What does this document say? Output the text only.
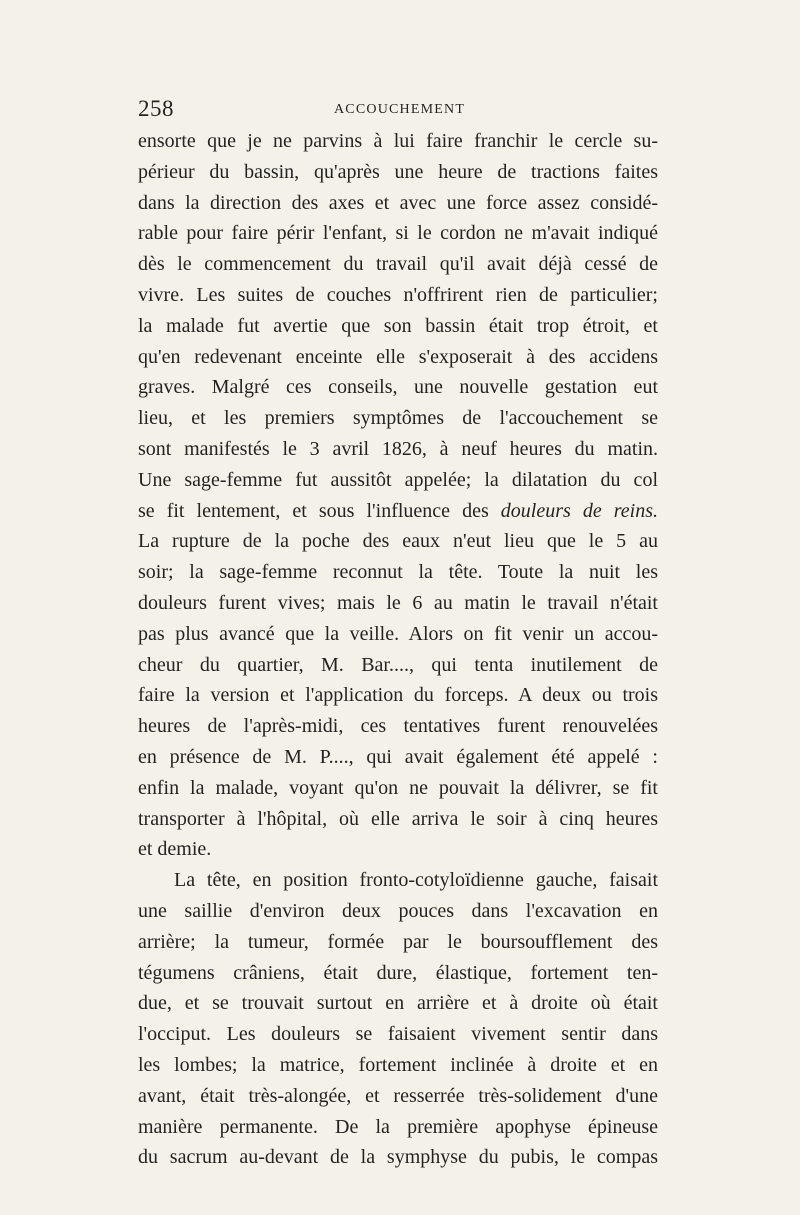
258	ACCOUCHEMENT
ensorte que je ne parvins à lui faire franchir le cercle su-
périeur du bassin, qu'après une heure de tractions faites
dans la direction des axes et avec une force assez considé-
rable pour faire périr l'enfant, si le cordon ne m'avait indiqué
dès le commencement du travail qu'il avait déjà cessé de
vivre. Les suites de couches n'offrirent rien de particulier;
la malade fut avertie que son bassin était trop étroit, et
qu'en redevenant enceinte elle s'exposerait à des accidens
graves. Malgré ces conseils, une nouvelle gestation eut
lieu, et les premiers symptômes de l'accouchement se
sont manifestés le 3 avril 1826, à neuf heures du matin.
Une sage-femme fut aussitôt appelée; la dilatation du col
se fit lentement, et sous l'influence des douleurs de reins.
La rupture de la poche des eaux n'eut lieu que le 5 au
soir; la sage-femme reconnut la tête. Toute la nuit les
douleurs furent vives; mais le 6 au matin le travail n'était
pas plus avancé que la veille. Alors on fit venir un accou-
cheur du quartier, M. Bar...., qui tenta inutilement de
faire la version et l'application du forceps. A deux ou trois
heures de l'après-midi, ces tentatives furent renouvelées
en présence de M. P...., qui avait également été appelé :
enfin la malade, voyant qu'on ne pouvait la délivrer, se fit
transporter à l'hôpital, où elle arriva le soir à cinq heures
et demie.
La tête, en position fronto-cotyloïdienne gauche, faisait
une saillie d'environ deux pouces dans l'excavation en
arrière; la tumeur, formée par le boursoufflement des
tégumens crâniens, était dure, élastique, fortement ten-
due, et se trouvait surtout en arrière et à droite où était
l'occiput. Les douleurs se faisaient vivement sentir dans
les lombes; la matrice, fortement inclinée à droite et en
avant, était très-alongée, et resserrée très-solidement d'une
manière permanente. De la première apophyse épineuse
du sacrum au-devant de la symphyse du pubis, le compas
